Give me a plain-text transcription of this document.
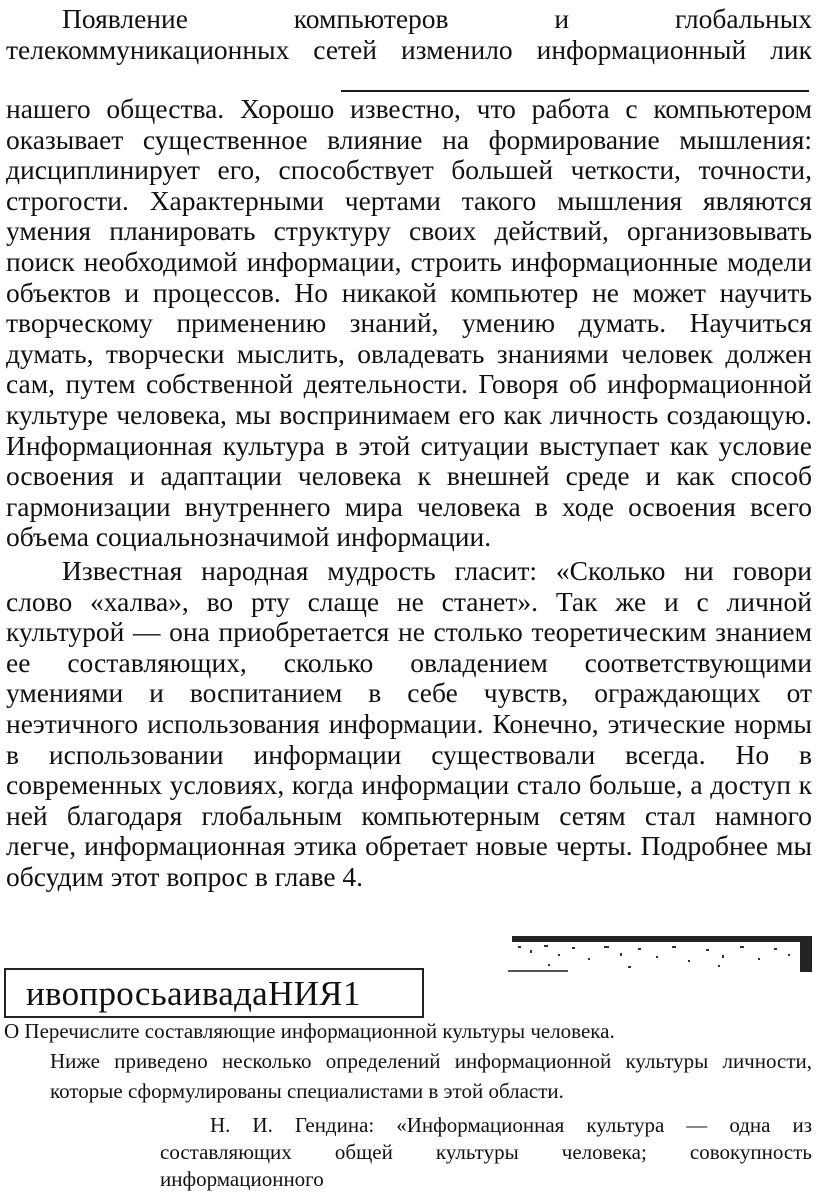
Появление компьютеров и глобальных
телекоммуникационных сетей изменило информационный лик
нашего общества. Хорошо известно, что работа с компьютером оказывает существенное влияние на формирование мышления: дисциплинирует его, способствует большей четкости, точности, строгости. Характерными чертами такого мышления являются умения планировать структуру своих действий, организовывать поиск необходимой информации, строить информационные модели объектов и процессов. Но никакой компьютер не может научить творческому применению знаний, умению думать. Научиться думать, творчески мыслить, овладевать знаниями человек должен сам, путем собственной деятельности. Говоря об информационной культуре человека, мы воспринимаем его как личность создающую. Информационная культура в этой ситуации выступает как условие освоения и адаптации человека к внешней среде и как способ гармонизации внутреннего мира человека в ходе освоения всего объема социальнозначимой информации.
Известная народная мудрость гласит: «Сколько ни говори слово «халва», во рту слаще не станет». Так же и с личной культурой — она приобретается не столько теоретическим знанием ее составляющих, сколько овладением соответствующими умениями и воспитанием в себе чувств, ограждающих от неэтичного использования информации. Конечно, этические нормы в использовании информации существовали всегда. Но в современных условиях, когда информации стало больше, а доступ к ней благодаря глобальным компьютерным сетям стал намного легче, информационная этика обретает новые черты. Подробнее мы обсудим этот вопрос в главе 4.
ивопросьаивадаНИЯ1
О Перечислите составляющие информационной культуры человека.
Ниже приведено несколько определений информационной культуры личности, которые сформулированы специалистами в этой области.
Н. И. Гендина: «Информационная культура — одна из
составляющих общей культуры человека; совокупность
информационного
